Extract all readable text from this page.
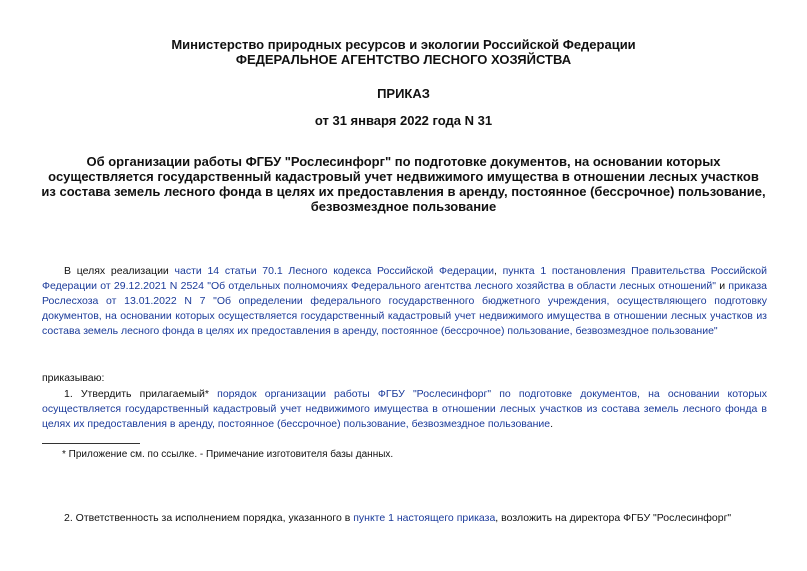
Министерство природных ресурсов и экологии Российской Федерации

ФЕДЕРАЛЬНОЕ АГЕНТСТВО ЛЕСНОГО ХОЗЯЙСТВА

ПРИКАЗ

от 31 января 2022 года N 31

Об организации работы ФГБУ "Рослесинфорг" по подготовке документов, на основании которых осуществляется государственный кадастровый учет недвижимого имущества в отношении лесных участков из состава земель лесного фонда в целях их предоставления в аренду, постоянное (бессрочное) пользование, безвозмездное пользование

В целях реализации части 14 статьи 70.1 Лесного кодекса Российской Федерации, пункта 1 постановления Правительства Российской Федерации от 29.12.2021 N 2524 "Об отдельных полномочиях Федерального агентства лесного хозяйства в области лесных отношений" и приказа Рослесхоза от 13.01.2022 N 7 "Об определении федерального государственного бюджетного учреждения, осуществляющего подготовку документов, на основании которых осуществляется государственный кадастровый учет недвижимого имущества в отношении лесных участков из состава земель лесного фонда в целях их предоставления в аренду, постоянное (бессрочное) пользование, безвозмездное пользование"

приказываю:

1. Утвердить прилагаемый* порядок организации работы ФГБУ "Рослесинфорг" по подготовке документов, на основании которых осуществляется государственный кадастровый учет недвижимого имущества в отношении лесных участков из состава земель лесного фонда в целях их предоставления в аренду, постоянное (бессрочное) пользование, безвозмездное пользование.

* Приложение см. по ссылке. - Примечание изготовителя базы данных.

2. Ответственность за исполнением порядка, указанного в пункте 1 настоящего приказа, возложить на директора ФГБУ "Рослесинфорг"
